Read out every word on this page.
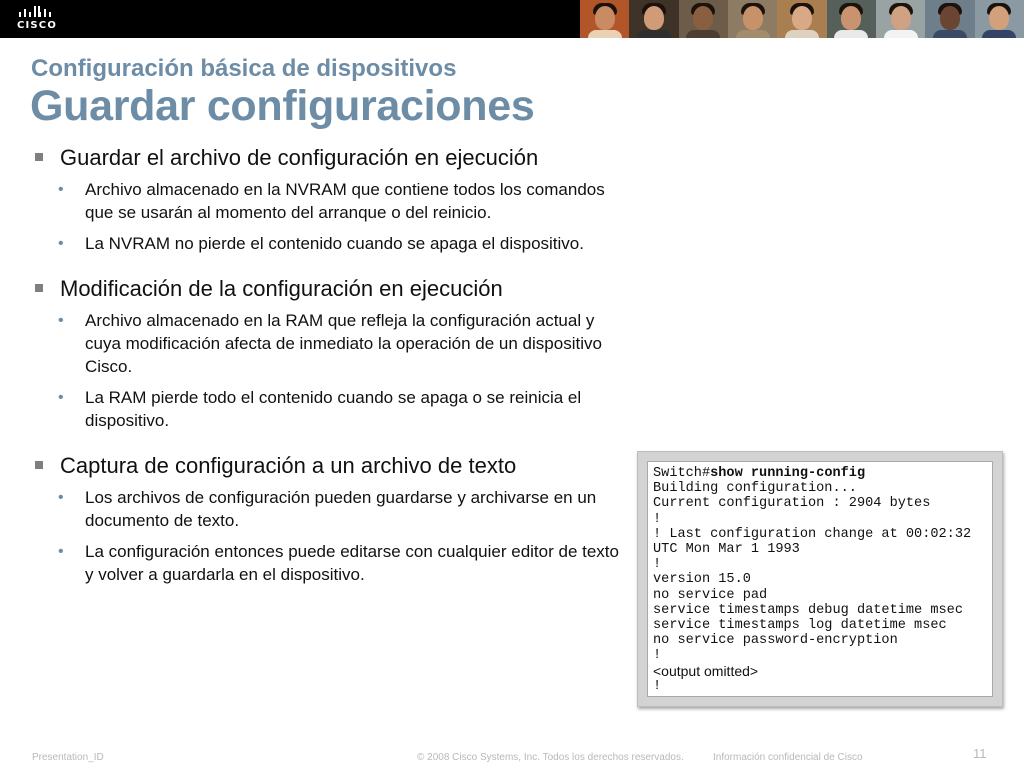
CISCO
Configuración básica de dispositivos
Guardar configuraciones
Guardar el archivo de configuración en ejecución
• Archivo almacenado en la NVRAM que contiene todos los comandos que se usarán al momento del arranque o del reinicio.
• La NVRAM no pierde el contenido cuando se apaga el dispositivo.
Modificación de la configuración en ejecución
• Archivo almacenado en la RAM que refleja la configuración actual y cuya modificación afecta de inmediato la operación de un dispositivo Cisco.
• La RAM pierde todo el contenido cuando se apaga o se reinicia el dispositivo.
Captura de configuración a un archivo de texto
• Los archivos de configuración pueden guardarse y archivarse en un documento de texto.
• La configuración entonces puede editarse con cualquier editor de texto y volver a guardarla en el dispositivo.
Switch#show running-config
Building configuration...
Current configuration : 2904 bytes
!
! Last configuration change at 00:02:32
UTC Mon Mar 1 1993
!
version 15.0
no service pad
service timestamps debug datetime msec
service timestamps log datetime msec
no service password-encryption
!
<output omitted>
!
Presentation_ID	© 2008 Cisco Systems, Inc. Todos los derechos reservados.	Información confidencial de Cisco	11
